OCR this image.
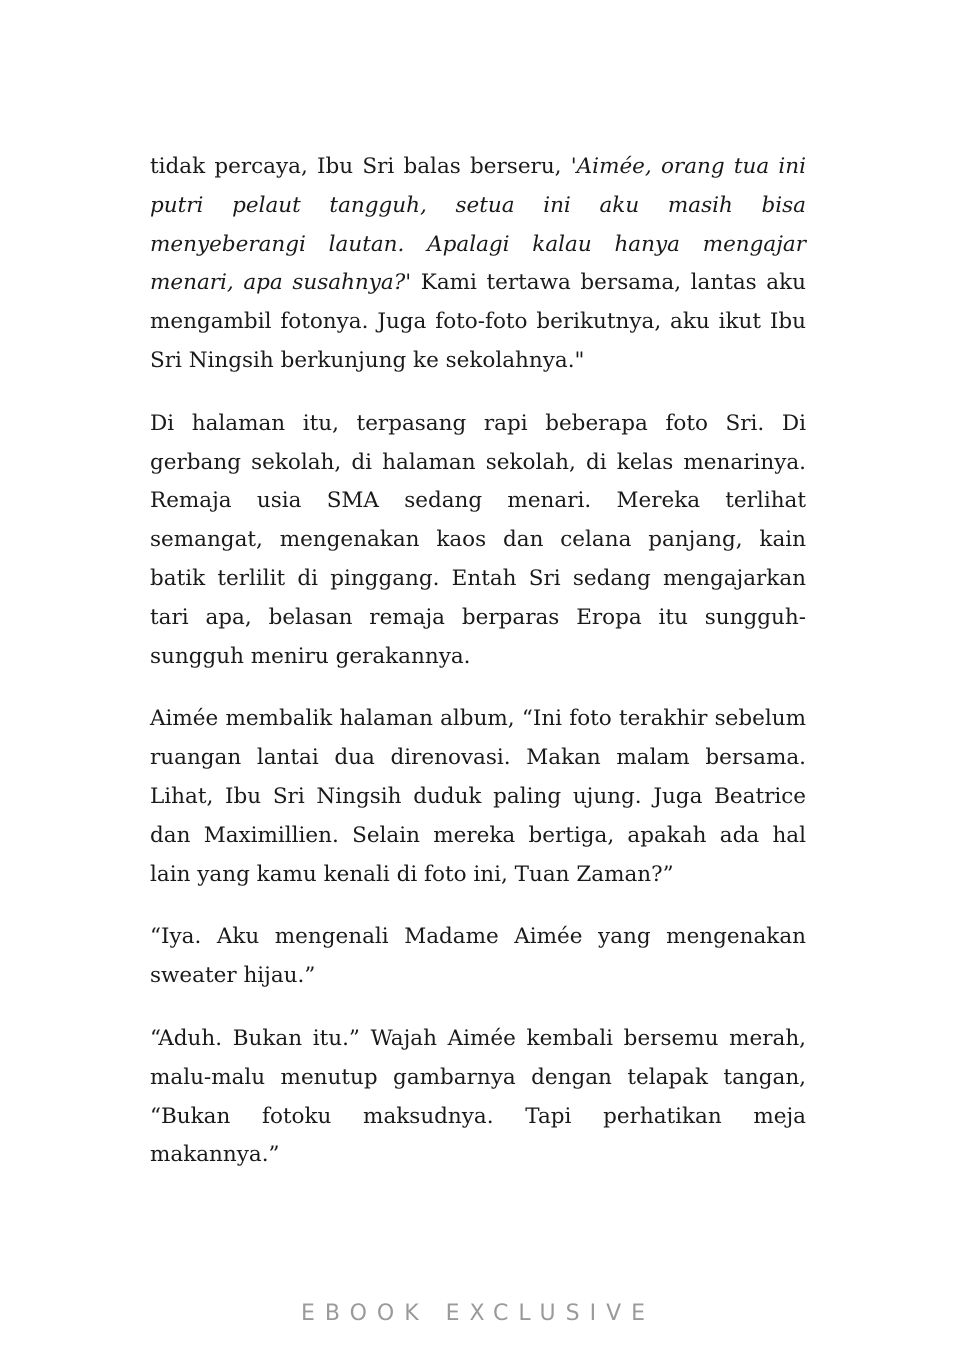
tidak percaya, Ibu Sri balas berseru, 'Aimée, orang tua ini putri pelaut tangguh, setua ini aku masih bisa menyeberangi lautan. Apalagi kalau hanya mengajar menari, apa susahnya?' Kami tertawa bersama, lantas aku mengambil fotonya. Juga foto-foto berikutnya, aku ikut Ibu Sri Ningsih berkunjung ke sekolahnya."

Di halaman itu, terpasang rapi beberapa foto Sri. Di gerbang sekolah, di halaman sekolah, di kelas menarinya. Remaja usia SMA sedang menari. Mereka terlihat semangat, mengenakan kaos dan celana panjang, kain batik terlilit di pinggang. Entah Sri sedang mengajarkan tari apa, belasan remaja berparas Eropa itu sungguh-sungguh meniru gerakannya.

Aimée membalik halaman album, “Ini foto terakhir sebelum ruangan lantai dua direnovasi. Makan malam bersama. Lihat, Ibu Sri Ningsih duduk paling ujung. Juga Beatrice dan Maximillien. Selain mereka bertiga, apakah ada hal lain yang kamu kenali di foto ini, Tuan Zaman?”

“Iya. Aku mengenali Madame Aimée yang mengenakan sweater hijau.”

“Aduh. Bukan itu.” Wajah Aimée kembali bersemu merah, malu-malu menutup gambarnya dengan telapak tangan, “Bukan fotoku maksudnya. Tapi perhatikan meja makannya.”

EBOOK EXCLUSIVE
